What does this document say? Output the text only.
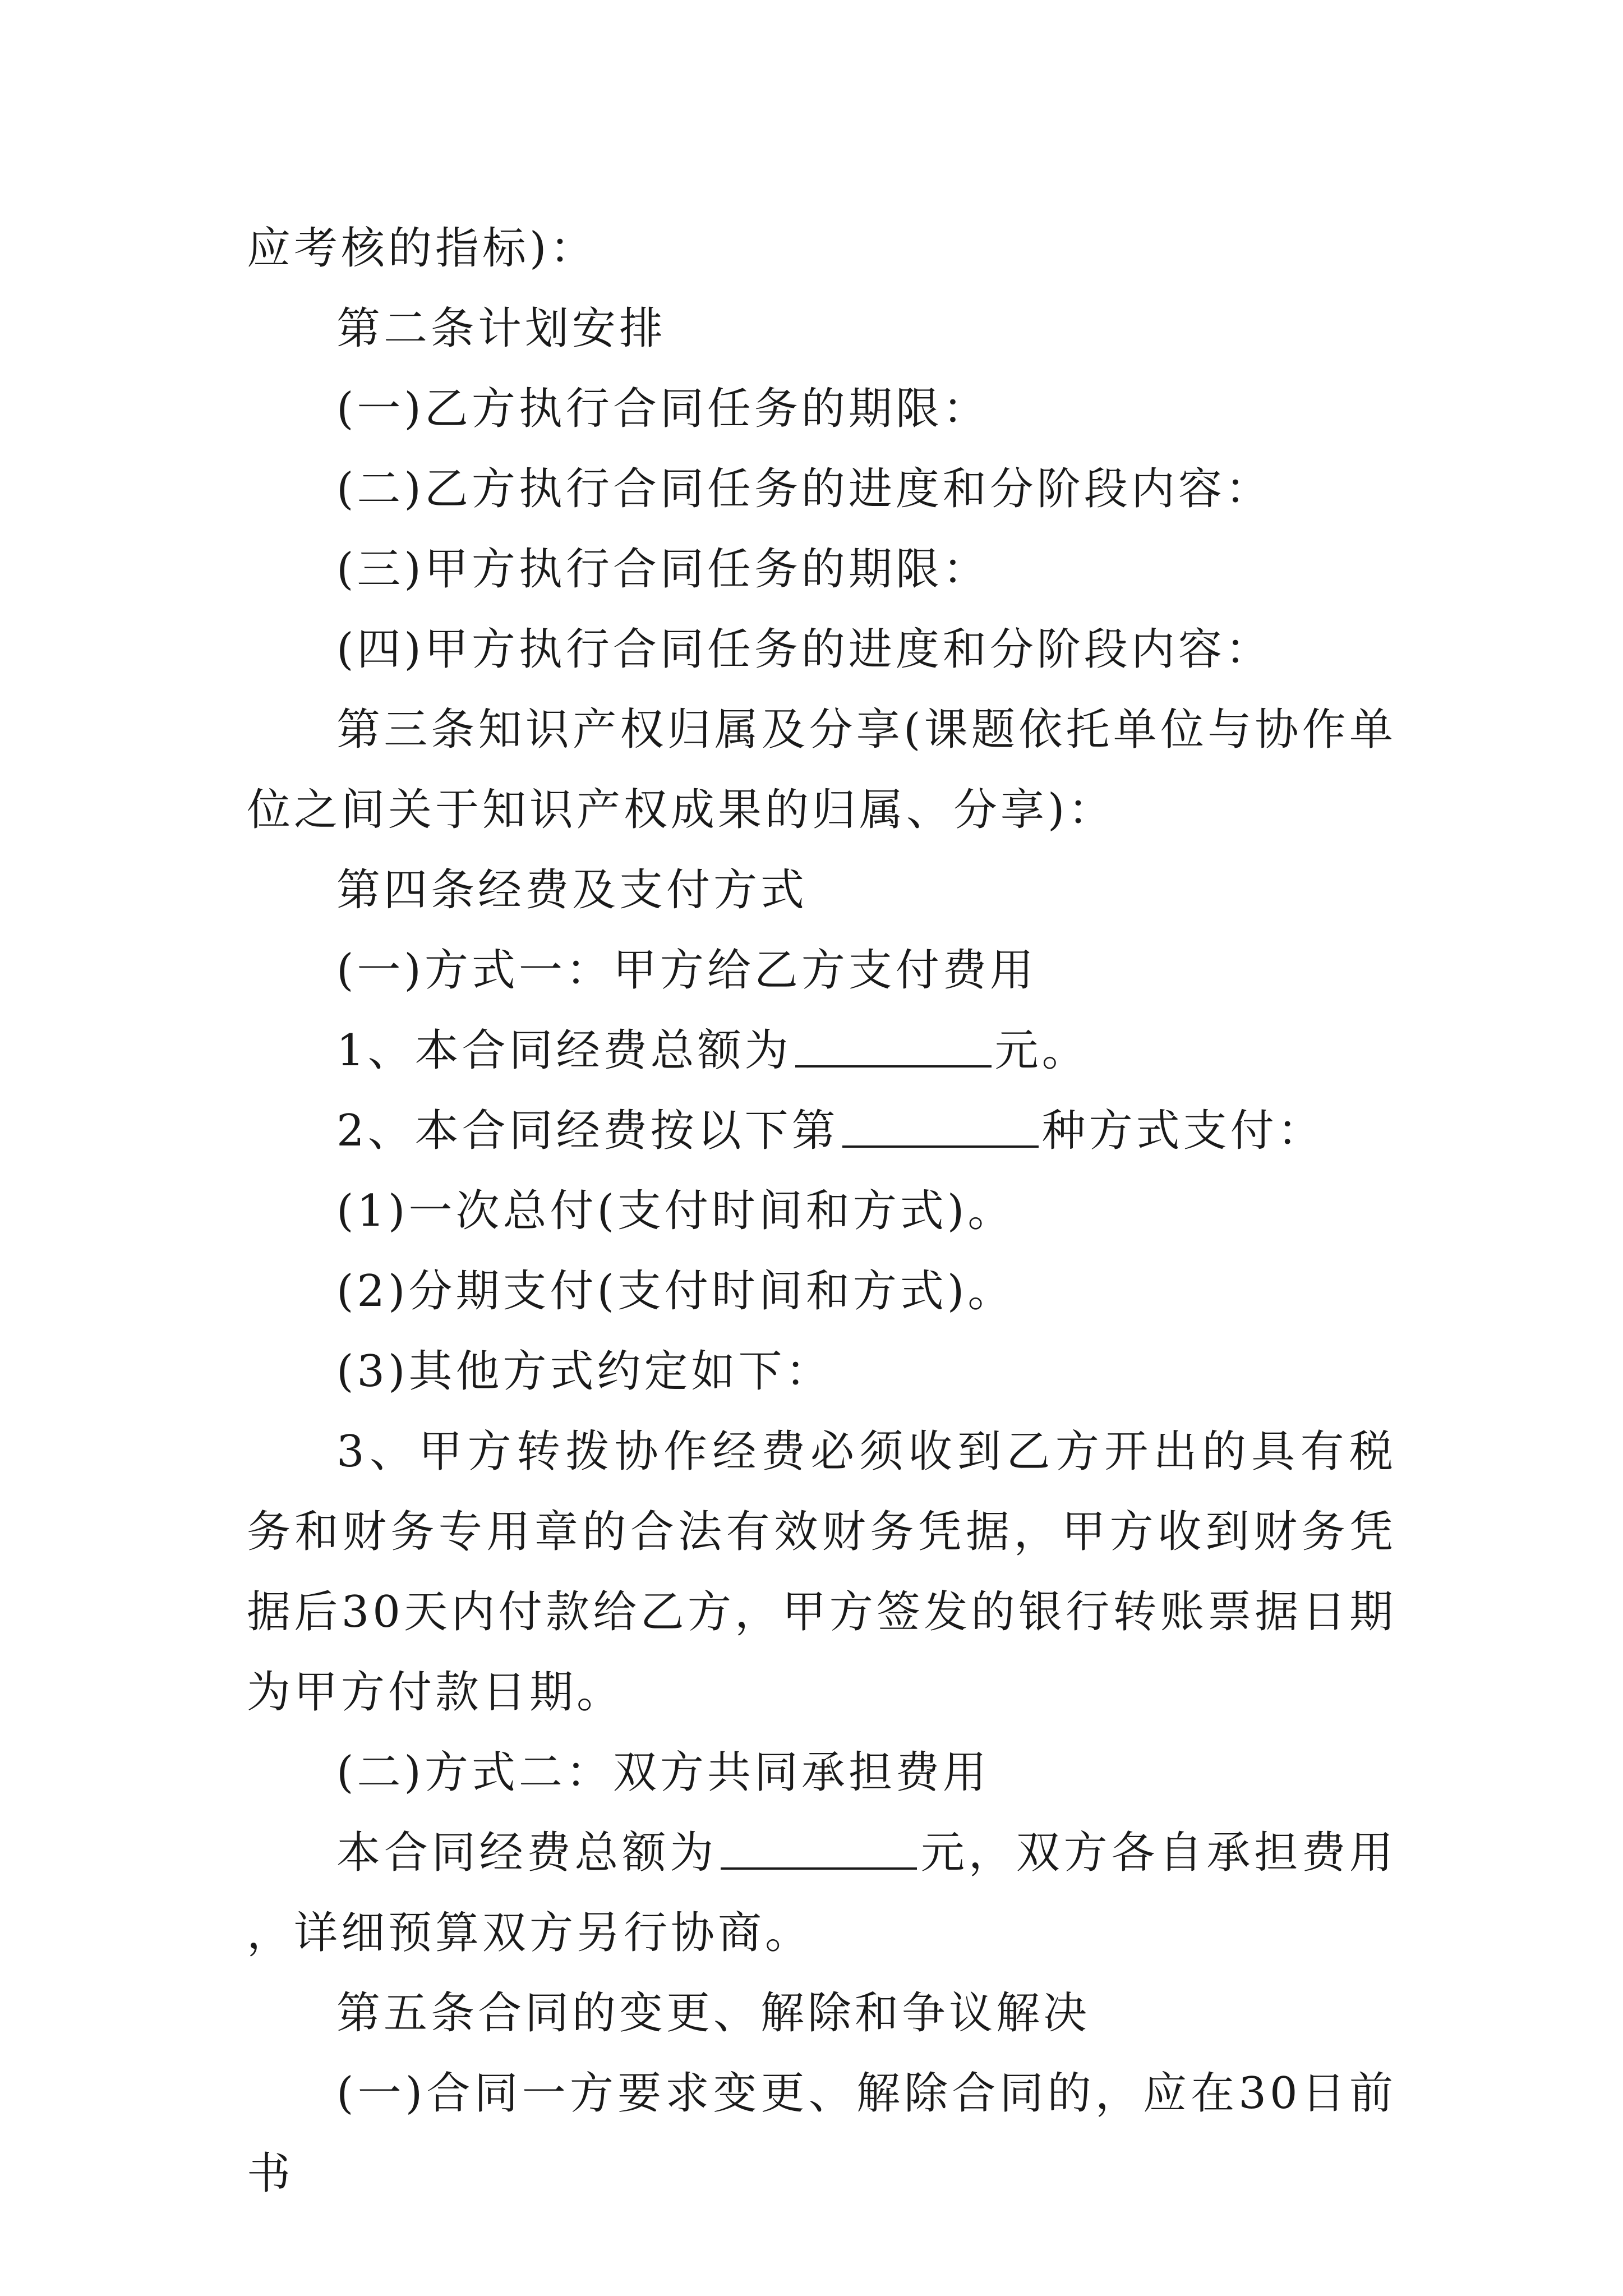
应考核的指标)：

第二条计划安排

(一)乙方执行合同任务的期限：

(二)乙方执行合同任务的进度和分阶段内容：

(三)甲方执行合同任务的期限：

(四)甲方执行合同任务的进度和分阶段内容：

第三条知识产权归属及分享(课题依托单位与协作单位之间关于知识产权成果的归属、分享)：

第四条经费及支付方式

(一)方式一：甲方给乙方支付费用

1、本合同经费总额为	元。

2、本合同经费按以下第	种方式支付：

(1)一次总付(支付时间和方式)。

(2)分期支付(支付时间和方式)。

(3)其他方式约定如下：

3、甲方转拨协作经费必须收到乙方开出的具有税务和财务专用章的合法有效财务凭据，甲方收到财务凭据后30天内付款给乙方，甲方签发的银行转账票据日期为甲方付款日期。

(二)方式二：双方共同承担费用

本合同经费总额为	元，双方各自承担费用，详细预算双方另行协商。

第五条合同的变更、解除和争议解决

(一)合同一方要求变更、解除合同的，应在30日前书
